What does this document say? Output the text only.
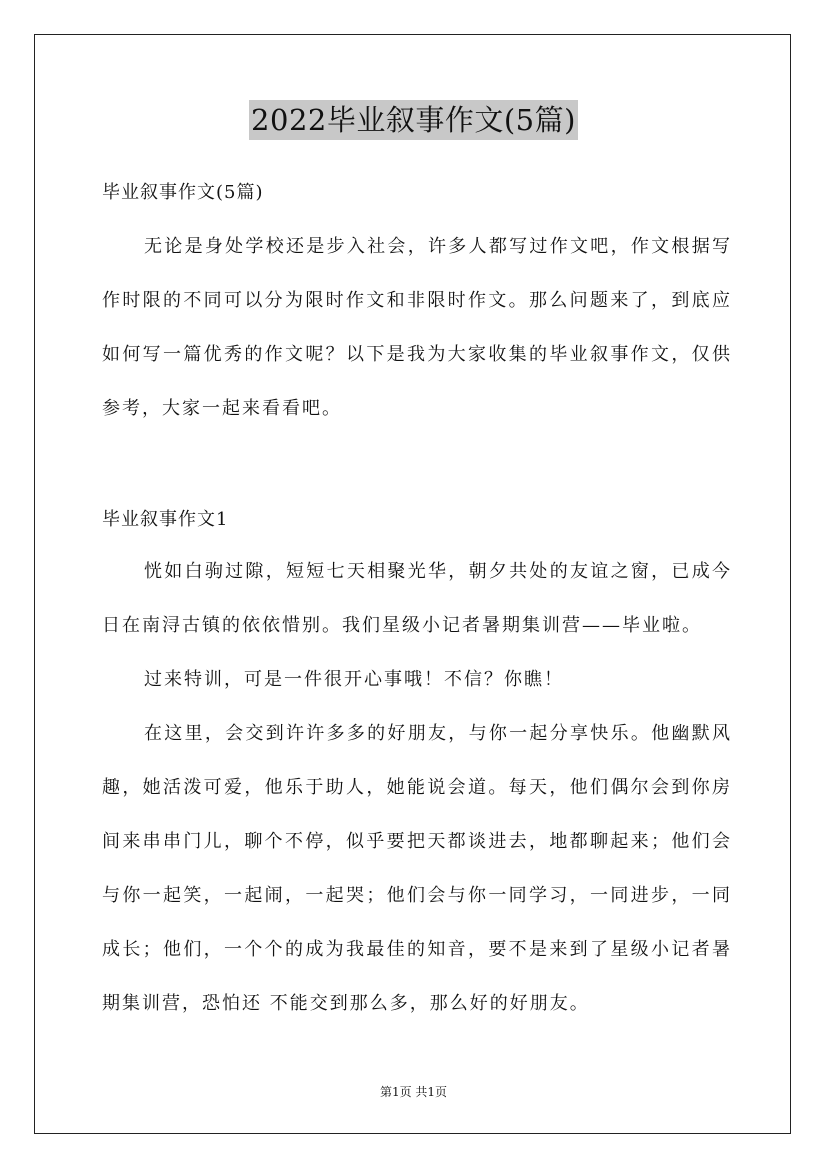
2022毕业叙事作文(5篇)
毕业叙事作文(5篇)

无论是身处学校还是步入社会，许多人都写过作文吧，作文根据写作时限的不同可以分为限时作文和非限时作文。那么问题来了，到底应如何写一篇优秀的作文呢？以下是我为大家收集的毕业叙事作文，仅供参考，大家一起来看看吧。

毕业叙事作文1

恍如白驹过隙，短短七天相聚光华，朝夕共处的友谊之窗，已成今日在南浔古镇的依依惜别。我们星级小记者暑期集训营——毕业啦。

过来特训，可是一件很开心事哦！不信？你瞧！

在这里，会交到许许多多的好朋友，与你一起分享快乐。他幽默风趣，她活泼可爱，他乐于助人，她能说会道。每天，他们偶尔会到你房间来串串门儿，聊个不停，似乎要把天都谈进去，地都聊起来；他们会与你一起笑，一起闹，一起哭；他们会与你一同学习，一同进步，一同成长；他们，一个个的成为我最佳的知音，要不是来到了星级小记者暑期集训营，恐怕还 不能交到那么多，那么好的好朋友。

第1页 共1页
